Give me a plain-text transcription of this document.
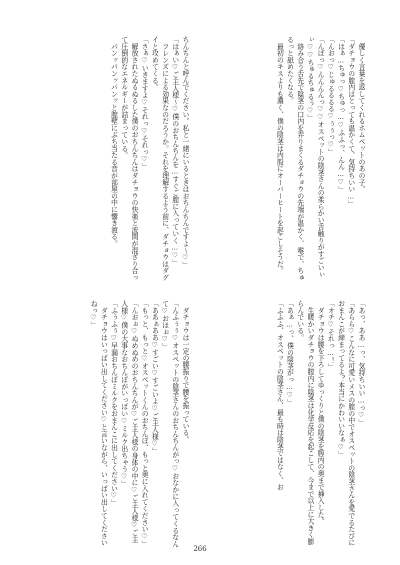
　優しく言葉を返してくれるホムペットのあの子。

「ダチョウの膣内はとっても温かくて、気持ちいい…」

「はぁ…ちゅっ♡ちゅっ…♡ふふっ、んん…♡」

「んおっ♡じゅるるるる♡ぅぅっ♡」

「んぼっ♡んんんんっ♡♡オスペットの陰茎さんの柔らかい舌触りがすごいぃぃ♡♡ちゅるちゅるぅ♡」

　絡み合う舌先で陰茎の口内を弄りまくるダチョウの先端が温かく、喉で、ちゅるっと舐めたくなる。

　最初のキスよりも濃く、僕の陰茎は内股にオーバーヒートを起こしそうだ。

「あっ、ああ…っ、気持ちいい…っ♡」

「あらら♡こんなに可愛いメスの膣の中でオスペットの陰茎さんを愛でるたびにおまんこが締まってるよ？本当にかわいいなぁ♡」

「オチ♡それっ…！」

　ダチョウは腰を下ろしてゆっくりと僕の陰茎を膣内の奥まで挿入した。

　生暖かいダチョウの膣内に陰茎は化学反応を起こして、今まで以上に大きく膨らんでいる。

「あぁ…っ、僕の陰茎がっ…♡」

「ふふふ、オスペットの陰茎さん、最も時は陰茎ではなく、お

ちんちんと呼んでください。私と一緒にいるときはおちんちんですよ～♡」

「はぁい♡ご主人様～♡僕のおちんちんを…すぐご膣に入っていく…♡」

　フレンズによる効果なのだろうか。それを理解するよう前に、ダチョウはダグイと攻めてくる。

「さぁ♡いきますよ♡それっ♡それっ♡」

　解放されたぬるぬるした僕のおちんちんはダチョウの快楽と波間が混ざり合って圧倒的なエネルギーが詰まっている。

　パンッパンッパンッと膣壁にぶち当たる音が部屋の中に響き渡る。

　ダチョウは一定の腰振りで腰を振っている。

「んふぅぅ♡オスペットの陰茎さんのおちんちんがっ♡おなかに入ってくるなんて♡おほぉ♡」

「ああぁああ♡すごい♡すごいよ♡ご主人様♡」

「もっと、もっと♡オスペットくんのおちんぽ、もっと奥に入れてください♡」

「んおぉ♡ぬめぬめのおちんちんが♡ご主人様の身体の中に♡ご主人様♡ご主人様♡僕の大事なおちんぽがいっぱい♡ミルク出ちゃう♡」

「ふぅふぅ♡早漏おちんぽミルクをおまんこに出してください♡」

　ダチョウはいっぱい出してください♡と言いながら、いっぱい出してくださいねっ♡」

266
